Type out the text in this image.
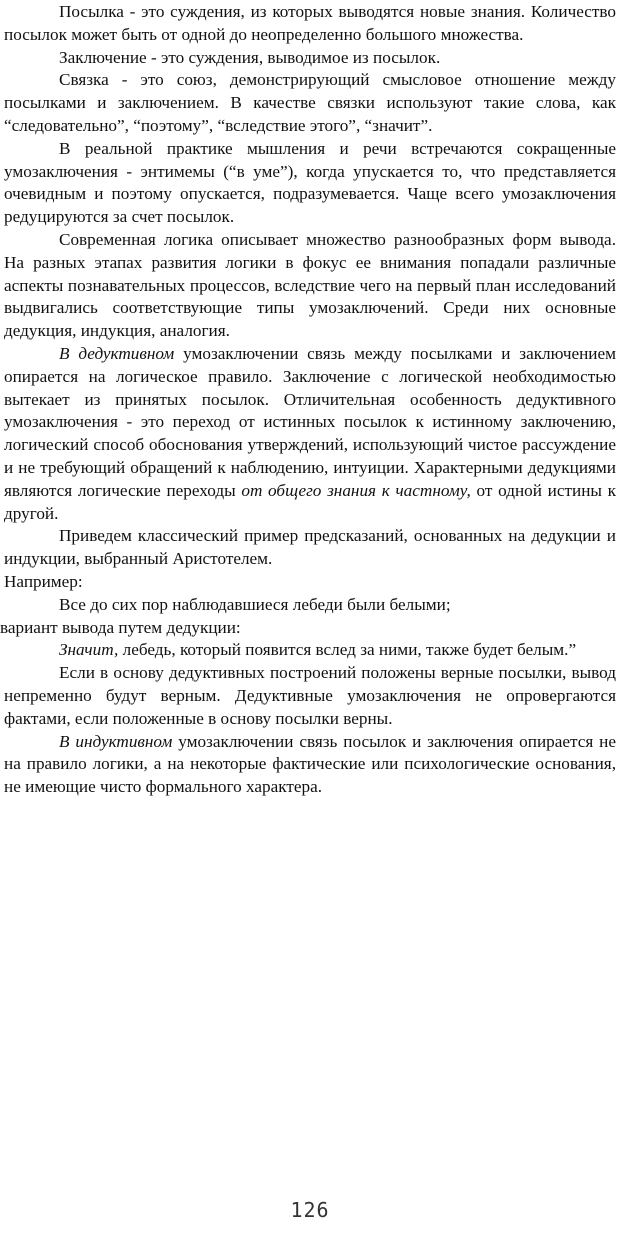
Посылка - это суждения, из которых выводятся новые знания. Количество посылок может быть от одной до неопределенно большого множества.

Заключение - это суждения, выводимое из посылок.

Связка - это союз, демонстрирующий смысловое отношение между посылками и заключением. В качестве связки используют такие слова, как “следовательно”, “поэтому”, “вследствие этого”, “значит”.

В реальной практике мышления и речи встречаются сокращенные умозаключения - энтимемы (“в уме”), когда упускается то, что представляется очевидным и поэтому опускается, подразумевается. Чаще всего умозаключения редуцируются за счет посылок.

Современная логика описывает множество разнообразных форм вывода. На разных этапах развития логики в фокус ее внимания попадали различные аспекты познавательных процессов, вследствие чего на первый план исследований выдвигались соответствующие типы умозаключений. Среди них основные дедукция, индукция, аналогия.

В дедуктивном умозаключении связь между посылками и заключением опирается на логическое правило. Заключение с логической необходимостью вытекает из принятых посылок. Отличительная особенность дедуктивного умозаключения - это переход от истинных посылок к истинному заключению, логический способ обоснования утверждений, использующий чистое рассуждение и не требующий обращений к наблюдению, интуиции. Характерными дедукциями являются логические переходы от общего знания к частному, от одной истины к другой.

Приведем классический пример предсказаний, основанных на дедукции и индукции, выбранный Аристотелем.

Например:

Все до сих пор наблюдавшиеся лебеди были белыми;

вариант вывода путем дедукции:

Значит, лебедь, который появится вслед за ними, также будет белым.”

Если в основу дедуктивных построений положены верные посылки, вывод непременно будут верным. Дедуктивные умозаключения не опровергаются фактами, если положенные в основу посылки верны.

В индуктивном умозаключении связь посылок и заключения опирается не на правило логики, а на некоторые фактические или психологические основания, не имеющие чисто формального характера.

126
